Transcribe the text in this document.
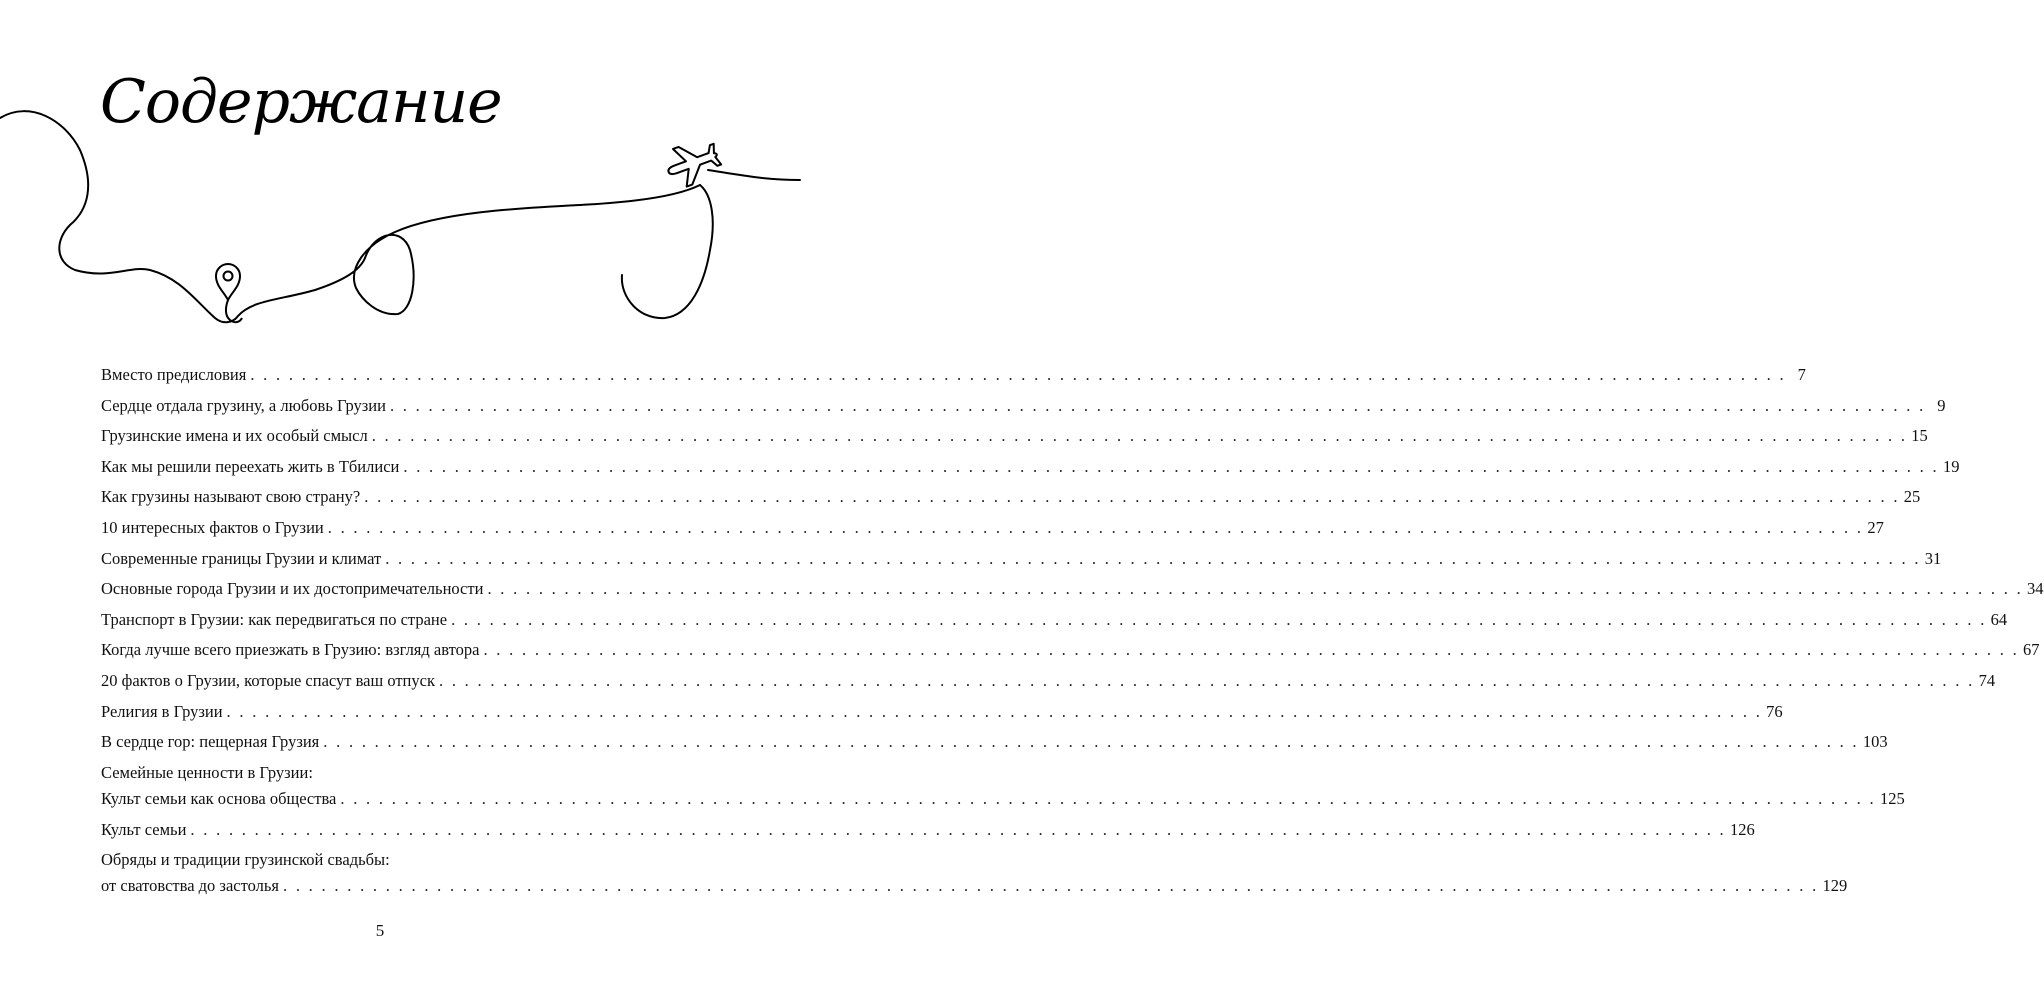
Содержание
Вместо предисловия . . . . . . . . . . . . . . . . . . . . . . . . . . . . . . . . . . . . . . . . . . . . . . . . . . . . . . . . . . . . . . . . . . . . . . . . . . . . . . . . . . . . . . . . . . . . . . . . . . . . . . . . . . . . . . . . . . . . . . . . 7
Сердце отдала грузину, а любовь Грузии . . . . . . . . . . . . . . . . . . . . . . . . . . . . . . . . . . . . . . . . . . . . . . . . . . . . . . . . . . . . . . . . . . . . . . . . . . . . . . . . . . . . . . . . . . . . . . . . . . . . . . . . . . . . . . . . . . . . . . . . 9
Грузинские имена и их особый смысл . . . . . . . . . . . . . . . . . . . . . . . . . . . . . . . . . . . . . . . . . . . . . . . . . . . . . . . . . . . . . . . . . . . . . . . . . . . . . . . . . . . . . . . . . . . . . . . . . . . . . . . . . . . . . . . . . . . . . . . . 15
Как мы решили переехать жить в Тбилиси . . . . . . . . . . . . . . . . . . . . . . . . . . . . . . . . . . . . . . . . . . . . . . . . . . . . . . . . . . . . . . . . . . . . . . . . . . . . . . . . . . . . . . . . . . . . . . . . . . . . . . . . . . . . . . . . . . . . . . . . 19
Как грузины называют свою страну? . . . . . . . . . . . . . . . . . . . . . . . . . . . . . . . . . . . . . . . . . . . . . . . . . . . . . . . . . . . . . . . . . . . . . . . . . . . . . . . . . . . . . . . . . . . . . . . . . . . . . . . . . . . . . . . . . . . . . . . . 25
10 интересных фактов о Грузии . . . . . . . . . . . . . . . . . . . . . . . . . . . . . . . . . . . . . . . . . . . . . . . . . . . . . . . . . . . . . . . . . . . . . . . . . . . . . . . . . . . . . . . . . . . . . . . . . . . . . . . . . . . . . . . . . . . . . . . . 27
Современные границы Грузии и климат . . . . . . . . . . . . . . . . . . . . . . . . . . . . . . . . . . . . . . . . . . . . . . . . . . . . . . . . . . . . . . . . . . . . . . . . . . . . . . . . . . . . . . . . . . . . . . . . . . . . . . . . . . . . . . . . . . . . . . . . 31
Основные города Грузии и их достопримечательности . . . . . . . . . . . . . . . . . . . . . . . . . . . . . . . . . . . . . . . . . . . . . . . . . . . . . . . . . . . . . . . . . . . . . . . . . . . . . . . . . . . . . . . . . . . . . . . . . . . . . . . . . . . . . . . . . . . . . . . . 34
Транспорт в Грузии: как передвигаться по стране . . . . . . . . . . . . . . . . . . . . . . . . . . . . . . . . . . . . . . . . . . . . . . . . . . . . . . . . . . . . . . . . . . . . . . . . . . . . . . . . . . . . . . . . . . . . . . . . . . . . . . . . . . . . . . . . . . . . . . . . 64
Когда лучше всего приезжать в Грузию: взгляд автора . . . . . . . . . . . . . . . . . . . . . . . . . . . . . . . . . . . . . . . . . . . . . . . . . . . . . . . . . . . . . . . . . . . . . . . . . . . . . . . . . . . . . . . . . . . . . . . . . . . . . . . . . . . . . . . . . . . . . . . . 67
20 фактов о Грузии, которые спасут ваш отпуск . . . . . . . . . . . . . . . . . . . . . . . . . . . . . . . . . . . . . . . . . . . . . . . . . . . . . . . . . . . . . . . . . . . . . . . . . . . . . . . . . . . . . . . . . . . . . . . . . . . . . . . . . . . . . . . . . . . . . . . . 74
Религия в Грузии . . . . . . . . . . . . . . . . . . . . . . . . . . . . . . . . . . . . . . . . . . . . . . . . . . . . . . . . . . . . . . . . . . . . . . . . . . . . . . . . . . . . . . . . . . . . . . . . . . . . . . . . . . . . . . . . . . . . . . . . 76
В сердце гор: пещерная Грузия . . . . . . . . . . . . . . . . . . . . . . . . . . . . . . . . . . . . . . . . . . . . . . . . . . . . . . . . . . . . . . . . . . . . . . . . . . . . . . . . . . . . . . . . . . . . . . . . . . . . . . . . . . . . . . . . . . . . . . . . 103
Семейные ценности в Грузии:
Культ семьи как основа общества . . . . . . . . . . . . . . . . . . . . . . . . . . . . . . . . . . . . . . . . . . . . . . . . . . . . . . . . . . . . . . . . . . . . . . . . . . . . . . . . . . . . . . . . . . . . . . . . . . . . . . . . . . . . . . . . . . . . . . . . 125
Культ семьи . . . . . . . . . . . . . . . . . . . . . . . . . . . . . . . . . . . . . . . . . . . . . . . . . . . . . . . . . . . . . . . . . . . . . . . . . . . . . . . . . . . . . . . . . . . . . . . . . . . . . . . . . . . . . . . . . . . . . . . . 126
Обряды и традиции грузинской свадьбы:
от сватовства до застолья . . . . . . . . . . . . . . . . . . . . . . . . . . . . . . . . . . . . . . . . . . . . . . . . . . . . . . . . . . . . . . . . . . . . . . . . . . . . . . . . . . . . . . . . . . . . . . . . . . . . . . . . . . . . . . . . . . . . . . . . 129
5
